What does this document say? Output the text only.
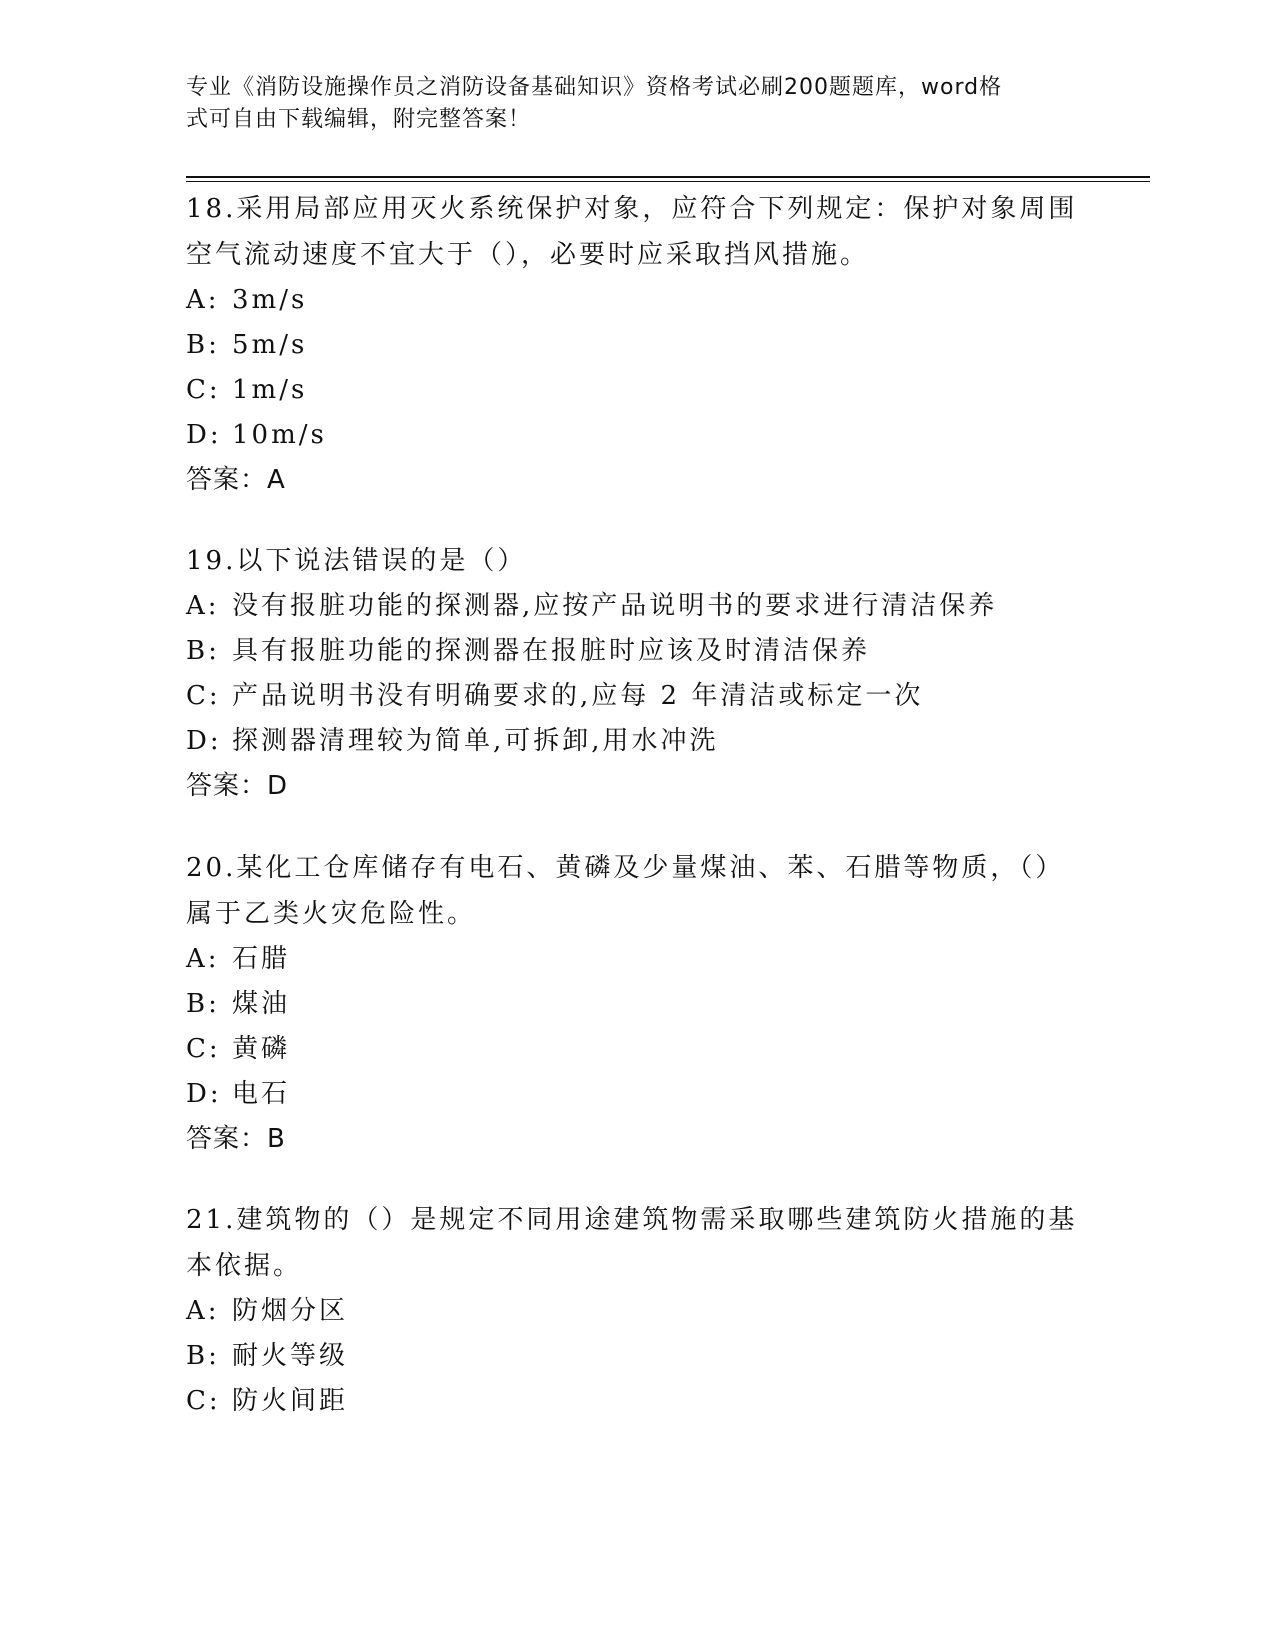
专业《消防设施操作员之消防设备基础知识》资格考试必刷200题题库，word格
式可自由下载编辑，附完整答案！
18.采用局部应用灭火系统保护对象，应符合下列规定：保护对象周围
空气流动速度不宜大于（），必要时应采取挡风措施。
A: 3m/s
B: 5m/s
C: 1m/s
D: 10m/s
答案：A
19.以下说法错误的是（）
A: 没有报脏功能的探测器,应按产品说明书的要求进行清洁保养
B: 具有报脏功能的探测器在报脏时应该及时清洁保养
C: 产品说明书没有明确要求的,应每 2 年清洁或标定一次
D: 探测器清理较为简单,可拆卸,用水冲洗
答案：D
20.某化工仓库储存有电石、黄磷及少量煤油、苯、石腊等物质，（）
属于乙类火灾危险性。
A: 石腊
B: 煤油
C: 黄磷
D: 电石
答案：B
21.建筑物的（）是规定不同用途建筑物需采取哪些建筑防火措施的基
本依据。
A: 防烟分区
B: 耐火等级
C: 防火间距
